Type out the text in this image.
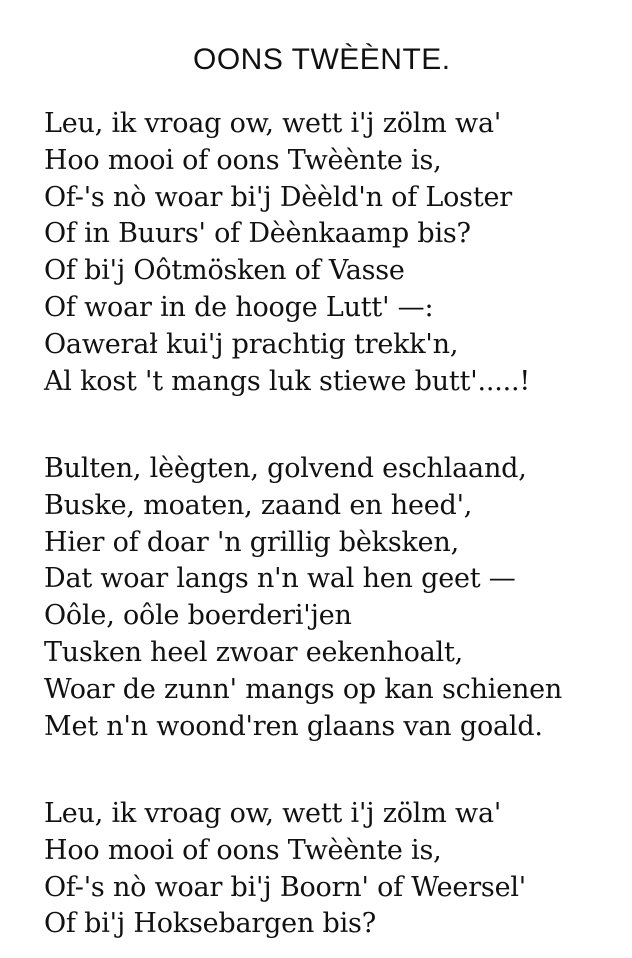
OONS TWÈÈNTE.
Leu, ik vroag ow, wett i'j zölm wa'
Hoo mooi of oons Twèènte is,
Of-'s nò woar bi'j Dèèld'n of Loster
Of in Buurs' of Dèènkaamp bis?
Of bi'j Oôtmösken of Vasse
Of woar in de hooge Lutt' —:
Oawerał kui'j prachtig trekk'n,
Al kost 't mangs luk stiewe butt'.....!
Bulten, lèègten, golvend eschlaand,
Buske, moaten, zaand en heed',
Hier of doar 'n grillig bèksken,
Dat woar langs n'n wal hen geet —
Oôle, oôle boerderi'jen
Tusken heel zwoar eekenhoalt,
Woar de zunn' mangs op kan schienen
Met n'n woond'ren glaans van goald.
Leu, ik vroag ow, wett i'j zölm wa'
Hoo mooi of oons Twèènte is,
Of-'s nò woar bi'j Boorn' of Weersel'
Of bi'j Hoksebargen bis?
